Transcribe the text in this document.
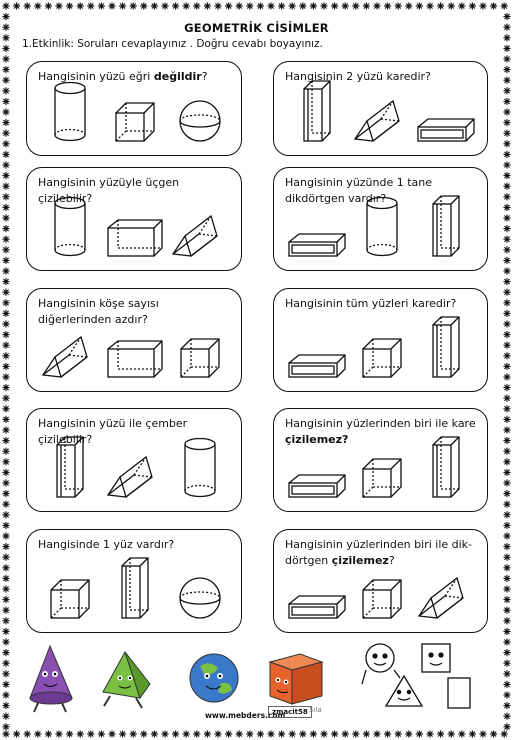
GEOMETRİK CİSİMLER
1.Etkinlik: Soruları cevaplayınız . Doğru cevabı boyayınız.
Hangisinin yüzü eğri değildir?	Hangisinin 2 yüzü karedir?
Hangisinin yüzüyle üçgen çizilebilir?
Hangisinin yüzünde 1 tane dikdörtgen vardır?
Hangisinin köşe sayısı diğerlerinden azdır?
Hangisinin tüm yüzleri karedir?
Hangisinin yüzü ile çember çizilebilir?
Hangisinin yüzlerinden biri ile kare çizilemez?
Hangisinde 1 yüz vardır?	Hangisinin yüzlerinden biri ile dik-dörtgen çizilemez?
www.mebders.com
zmacit58 Sıla
